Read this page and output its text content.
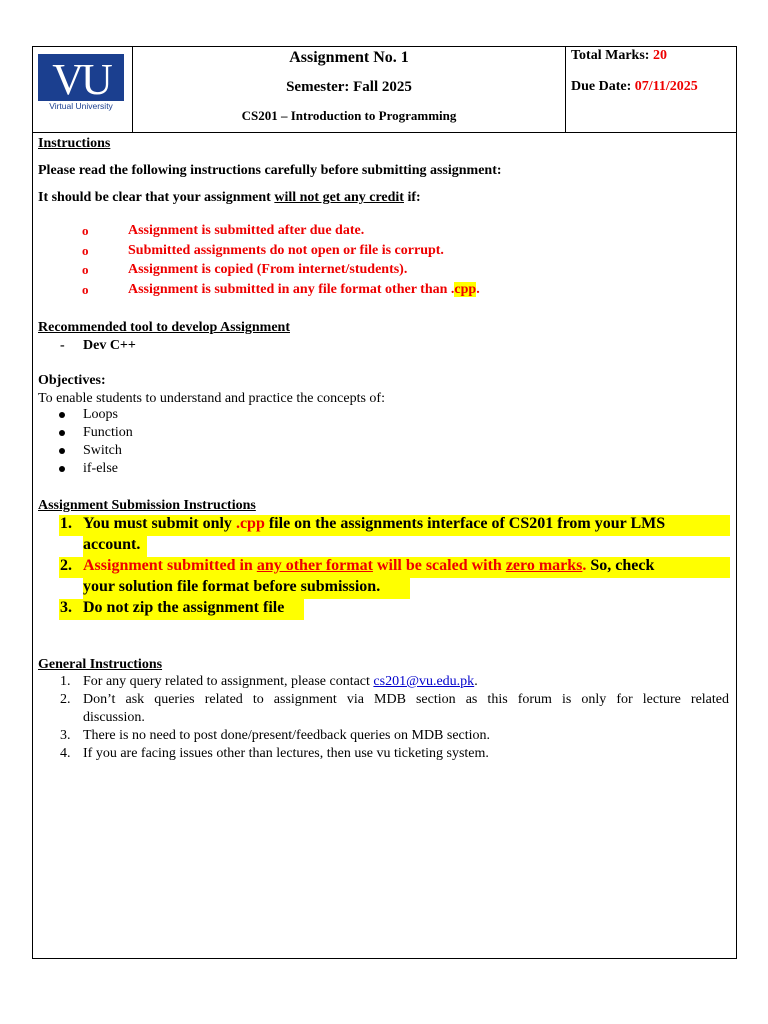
VU
Virtual University
Assignment No. 1
Semester: Fall 2025
CS201 – Introduction to Programming
Total Marks: 20
Due Date: 07/11/2025
Instructions
Please read the following instructions carefully before submitting assignment:
It should be clear that your assignment will not get any credit if:
o	Assignment is submitted after due date.
o	Submitted assignments do not open or file is corrupt.
o	Assignment is copied (From internet/students).
o	Assignment is submitted in any file format other than .cpp.
Recommended tool to develop Assignment
- Dev C++
Objectives:
To enable students to understand and practice the concepts of:
Loops
Function
Switch
if-else
Assignment Submission Instructions
1. You must submit only .cpp file on the assignments interface of CS201 from your LMS
account.
2. Assignment submitted in any other format will be scaled with zero marks. So, check
your solution file format before submission.
3. Do not zip the assignment file
General Instructions
1. For any query related to assignment, please contact cs201@vu.edu.pk.
2. Don’t ask queries related to assignment via MDB section as this forum is only for lecture related
discussion.
3. There is no need to post done/present/feedback queries on MDB section.
4. If you are facing issues other than lectures, then use vu ticketing system.
